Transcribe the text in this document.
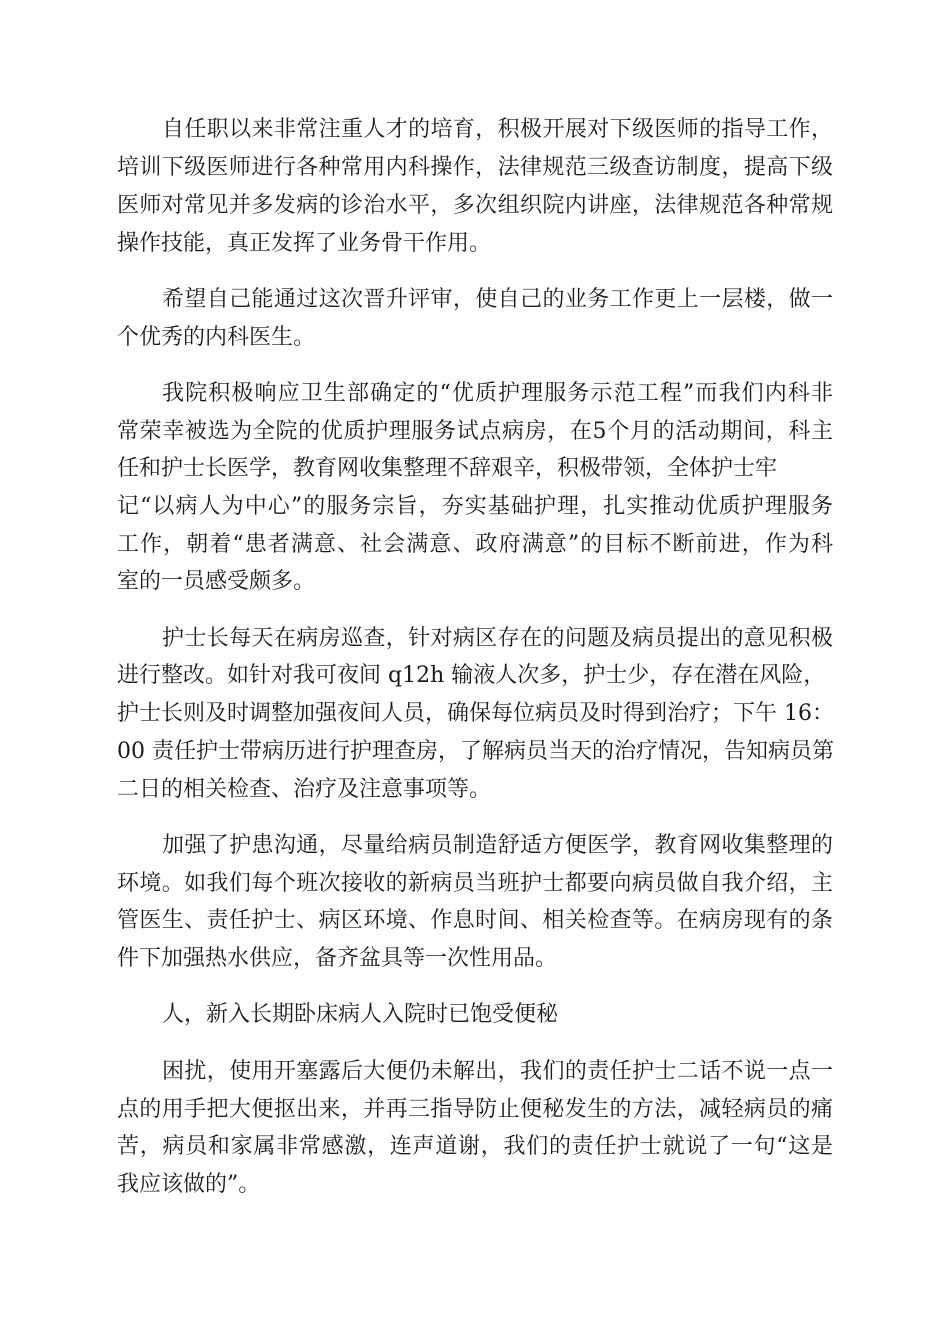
自任职以来非常注重人才的培育，积极开展对下级医师的指导工作，
培训下级医师进行各种常用内科操作，法律规范三级查访制度，提高下级
医师对常见并多发病的诊治水平，多次组织院内讲座，法律规范各种常规
操作技能，真正发挥了业务骨干作用。
希望自己能通过这次晋升评审，使自己的业务工作更上一层楼，做一
个优秀的内科医生。
我院积极响应卫生部确定的“优质护理服务示范工程”而我们内科非
常荣幸被选为全院的优质护理服务试点病房，在5个月的活动期间，科主
任和护士长医学，教育网收集整理不辞艰辛，积极带领，全体护士牢
记“以病人为中心”的服务宗旨，夯实基础护理，扎实推动优质护理服务
工作，朝着“患者满意、社会满意、政府满意”的目标不断前进，作为科
室的一员感受颇多。
护士长每天在病房巡查，针对病区存在的问题及病员提出的意见积极
进行整改。如针对我可夜间 q12h 输液人次多，护士少，存在潜在风险，
护士长则及时调整加强夜间人员，确保每位病员及时得到治疗；下午 16：
00 责任护士带病历进行护理查房，了解病员当天的治疗情况，告知病员第
二日的相关检查、治疗及注意事项等。
加强了护患沟通，尽量给病员制造舒适方便医学，教育网收集整理的
环境。如我们每个班次接收的新病员当班护士都要向病员做自我介绍，主
管医生、责任护士、病区环境、作息时间、相关检查等。在病房现有的条
件下加强热水供应，备齐盆具等一次性用品。
人，新入长期卧床病人入院时已饱受便秘
困扰，使用开塞露后大便仍未解出，我们的责任护士二话不说一点一
点的用手把大便抠出来，并再三指导防止便秘发生的方法，减轻病员的痛
苦，病员和家属非常感激，连声道谢，我们的责任护士就说了一句“这是
我应该做的”。
